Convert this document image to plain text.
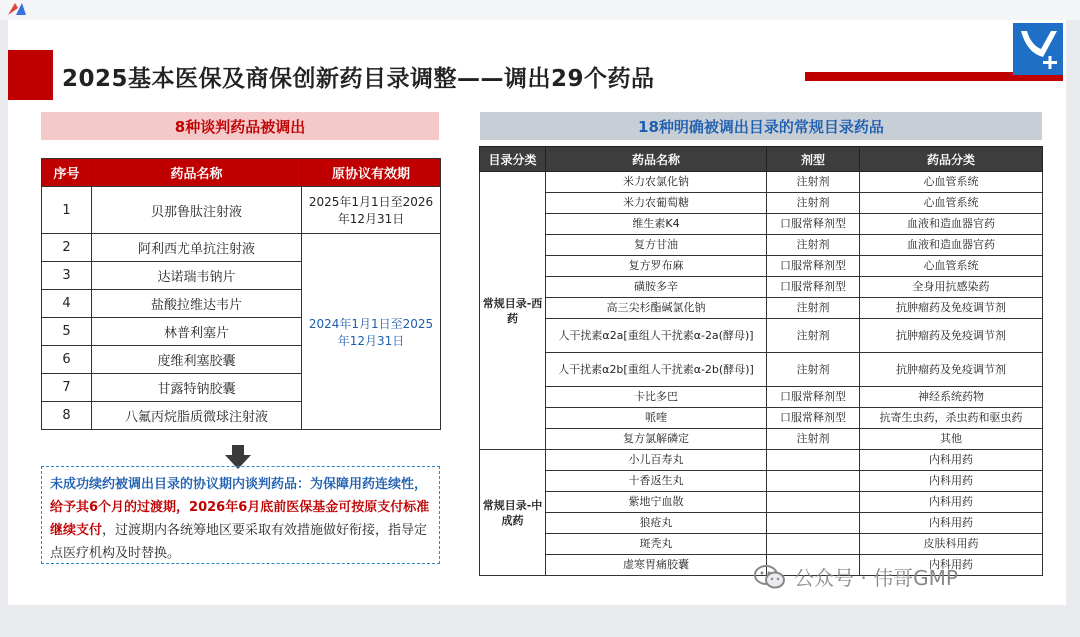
2025基本医保及商保创新药目录调整——调出29个药品
8种谈判药品被调出	18种明确被调出目录的常规目录药品
序号	药品名称	原协议有效期
1	贝那鲁肽注射液	2025年1月1日至2026年12月31日
2	阿利西尤单抗注射液	2024年1月1日至2025年12月31日
3	达诺瑞韦钠片	
4	盐酸拉维达韦片	
5	林普利塞片	
6	度维利塞胶囊	
7	甘露特钠胶囊	
8	八氟丙烷脂质微球注射液	
未成功续约被调出目录的协议期内谈判药品：为保障用药连续性，给予其6个月的过渡期，2026年6月底前医保基金可按原支付标准继续支付，过渡期内各统筹地区要采取有效措施做好衔接，指导定点医疗机构及时替换。
目录分类	药品名称	剂型	药品分类
常规目录-西药	米力农氯化钠	注射剂	心血管系统
	米力农葡萄糖	注射剂	心血管系统
	维生素K4	口服常释剂型	血液和造血器官药
	复方甘油	注射剂	血液和造血器官药
	复方罗布麻	口服常释剂型	心血管系统
	磺胺多辛	口服常释剂型	全身用抗感染药
	高三尖杉酯碱氯化钠	注射剂	抗肿瘤药及免疫调节剂
	人干扰素α2a[重组人干扰素α-2a(酵母)]	注射剂	抗肿瘤药及免疫调节剂
	人干扰素α2b[重组人干扰素α-2b(酵母)]	注射剂	抗肿瘤药及免疫调节剂
	卡比多巴	口服常释剂型	神经系统药物
	哌喹	口服常释剂型	抗寄生虫药，杀虫药和驱虫药
	复方氯解磷定	注射剂	其他
常规目录-中成药	小儿百寿丸		内科用药
	十香返生丸		内科用药
	紫地宁血散		内科用药
	狼疮丸		内科用药
	斑秃丸		皮肤科用药
	虚寒胃痛胶囊		内科用药
公众号 · 伟哥GMP
